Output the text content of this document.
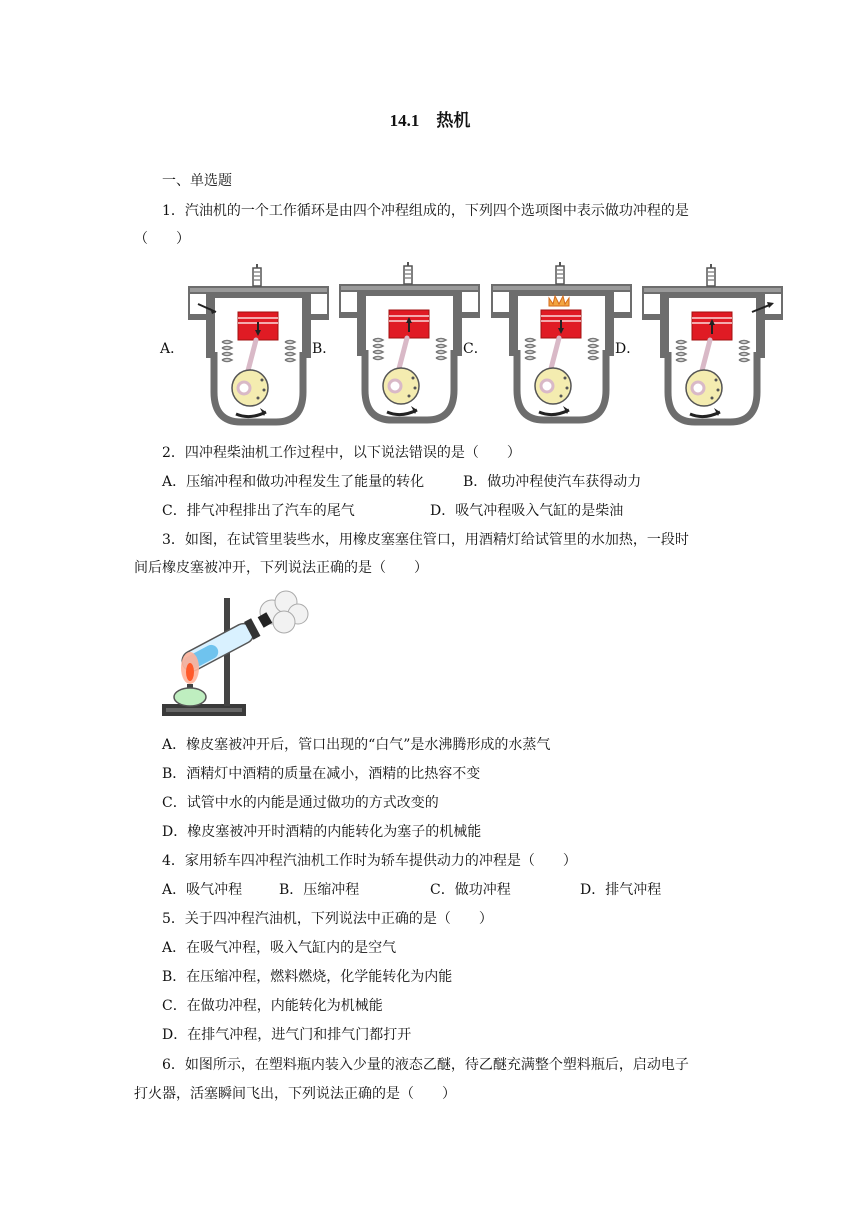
14.1　热机
一、单选题
1．汽油机的一个工作循环是由四个冲程组成的，下列四个选项图中表示做功冲程的是
（　　）
A．	B．	C．	D．
2．四冲程柴油机工作过程中，以下说法错误的是（　　）
A．压缩冲程和做功冲程发生了能量的转化	B．做功冲程使汽车获得动力
C．排气冲程排出了汽车的尾气	D．吸气冲程吸入气缸的是柴油
3．如图，在试管里装些水，用橡皮塞塞住管口，用酒精灯给试管里的水加热，一段时
间后橡皮塞被冲开，下列说法正确的是（　　）
A．橡皮塞被冲开后，管口出现的“白气”是水沸腾形成的水蒸气
B．酒精灯中酒精的质量在减小，酒精的比热容不变
C．试管中水的内能是通过做功的方式改变的
D．橡皮塞被冲开时酒精的内能转化为塞子的机械能
4．家用轿车四冲程汽油机工作时为轿车提供动力的冲程是（　　）
A．吸气冲程	B．压缩冲程	C．做功冲程	D．排气冲程
5．关于四冲程汽油机，下列说法中正确的是（　　）
A．在吸气冲程，吸入气缸内的是空气
B．在压缩冲程，燃料燃烧，化学能转化为内能
C．在做功冲程，内能转化为机械能
D．在排气冲程，进气门和排气门都打开
6．如图所示，在塑料瓶内装入少量的液态乙醚，待乙醚充满整个塑料瓶后，启动电子
打火器，活塞瞬间飞出，下列说法正确的是（　　）
